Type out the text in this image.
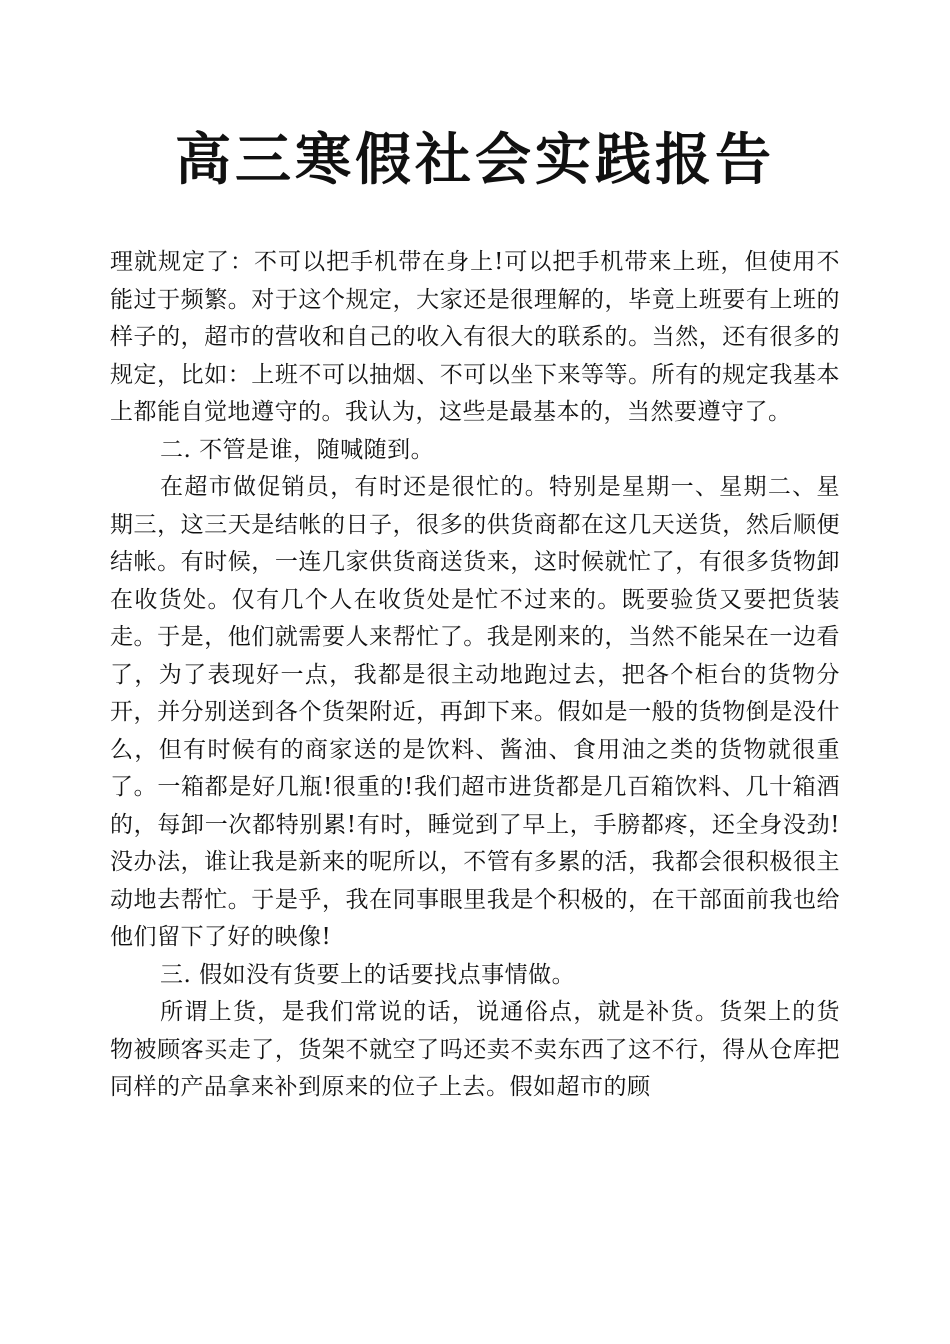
高三寒假社会实践报告

理就规定了：不可以把手机带在身上!可以把手机带来上班，但使用不能过于频繁。对于这个规定，大家还是很理解的，毕竟上班要有上班的样子的，超市的营收和自己的收入有很大的联系的。当然，还有很多的规定，比如：上班不可以抽烟、不可以坐下来等等。所有的规定我基本上都能自觉地遵守的。我认为，这些是最基本的，当然要遵守了。

二. 不管是谁，随喊随到。

在超市做促销员，有时还是很忙的。特别是星期一、星期二、星期三，这三天是结帐的日子，很多的供货商都在这几天送货，然后顺便结帐。有时候，一连几家供货商送货来，这时候就忙了，有很多货物卸在收货处。仅有几个人在收货处是忙不过来的。既要验货又要把货装走。于是，他们就需要人来帮忙了。我是刚来的，当然不能呆在一边看了，为了表现好一点，我都是很主动地跑过去，把各个柜台的货物分开，并分别送到各个货架附近，再卸下来。假如是一般的货物倒是没什么，但有时候有的商家送的是饮料、酱油、食用油之类的货物就很重了。一箱都是好几瓶!很重的!我们超市进货都是几百箱饮料、几十箱酒的，每卸一次都特别累!有时，睡觉到了早上，手膀都疼，还全身没劲!没办法，谁让我是新来的呢所以，不管有多累的活，我都会很积极很主动地去帮忙。于是乎，我在同事眼里我是个积极的，在干部面前我也给他们留下了好的映像!

三. 假如没有货要上的话要找点事情做。

所谓上货，是我们常说的话，说通俗点，就是补货。货架上的货物被顾客买走了，货架不就空了吗还卖不卖东西了这不行，得从仓库把同样的产品拿来补到原来的位子上去。假如超市的顾
